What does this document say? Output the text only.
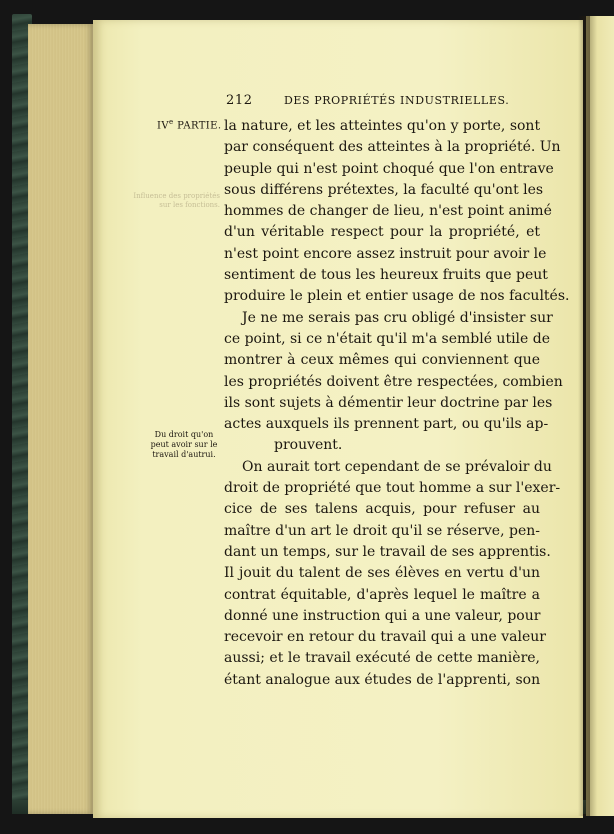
212	DES PROPRIÉTÉS INDUSTRIELLES.
IVe PARTIE.
Influence des propriétés sur les fonctions.
Du droit qu'on peut avoir sur le travail d'autrui.
la nature, et les atteintes qu'on y porte, sont
par conséquent des atteintes à la propriété. Un
peuple qui n'est point choqué que l'on entrave
sous différens prétextes, la faculté qu'ont les
hommes de changer de lieu, n'est point animé
d'un véritable respect pour la propriété, et
n'est point encore assez instruit pour avoir le
sentiment de tous les heureux fruits que peut
produire le plein et entier usage de nos facultés.
Je ne me serais pas cru obligé d'insister sur
ce point, si ce n'était qu'il m'a semblé utile de
montrer à ceux mêmes qui conviennent que
les propriétés doivent être respectées, combien
ils sont sujets à démentir leur doctrine par les
actes auxquels ils prennent part, ou qu'ils ap-
prouvent.
On aurait tort cependant de se prévaloir du
droit de propriété que tout homme a sur l'exer-
cice de ses talens acquis, pour refuser au
maître d'un art le droit qu'il se réserve, pen-
dant un temps, sur le travail de ses apprentis.
Il jouit du talent de ses élèves en vertu d'un
contrat équitable, d'après lequel le maître a
donné une instruction qui a une valeur, pour
recevoir en retour du travail qui a une valeur
aussi; et le travail exécuté de cette manière,
étant analogue aux études de l'apprenti, son
